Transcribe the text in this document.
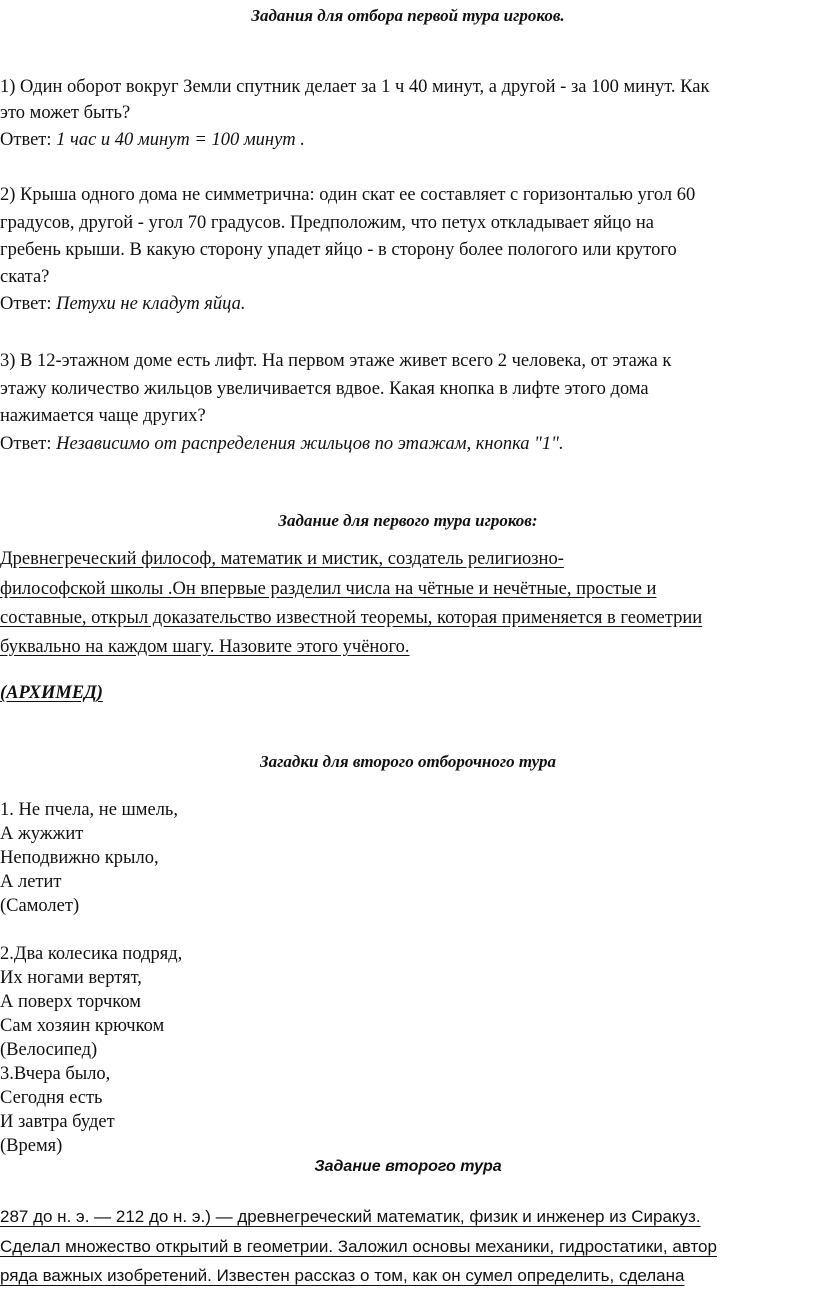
Задания для отбора первой тура игроков.
1) Один оборот вокруг Земли спутник делает за 1 ч 40 минут, а другой - за 100 минут. Как
это может быть?
Ответ: 1 час и 40 минут = 100 минут .
2) Крыша одного дома не симметрична: один скат ее составляет с горизонталью угол 60
градусов, другой - угол 70 градусов. Предположим, что петух откладывает яйцо на
гребень крыши. В какую сторону упадет яйцо - в сторону более пологого или крутого
ската?
Ответ: Петухи не кладут яйца.
3) В 12-этажном доме есть лифт. На первом этаже живет всего 2 человека, от этажа к
этажу количество жильцов увеличивается вдвое. Какая кнопка в лифте этого дома
нажимается чаще других?
Ответ: Независимо от распределения жильцов по этажам, кнопка "1".
Задание для первого тура игроков:
Древнегреческий философ, математик и мистик, создатель религиозно-
философской школы .Он впервые разделил числа на чётные и нечётные, простые и
составные, открыл доказательство известной теоремы, которая применяется в геометрии
буквально на каждом шагу. Назовите этого учёного.
(АРХИМЕД)
Загадки для второго отборочного тура
1. Не пчела, не шмель,
А жужжит
Неподвижно крыло,
А летит
(Самолет)
2.Два колесика подряд,
Их ногами вертят,
А поверх торчком
Сам хозяин крючком
(Велосипед)
3.Вчера было,
Сегодня есть
И завтра будет
(Время)
Задание второго тура
287 до н. э. — 212 до н. э.) — древнегреческий математик, физик и инженер из Сиракуз.
Сделал множество открытий в геометрии. Заложил основы механики, гидростатики, автор
ряда важных изобретений. Известен рассказ о том, как он сумел определить, сделана
